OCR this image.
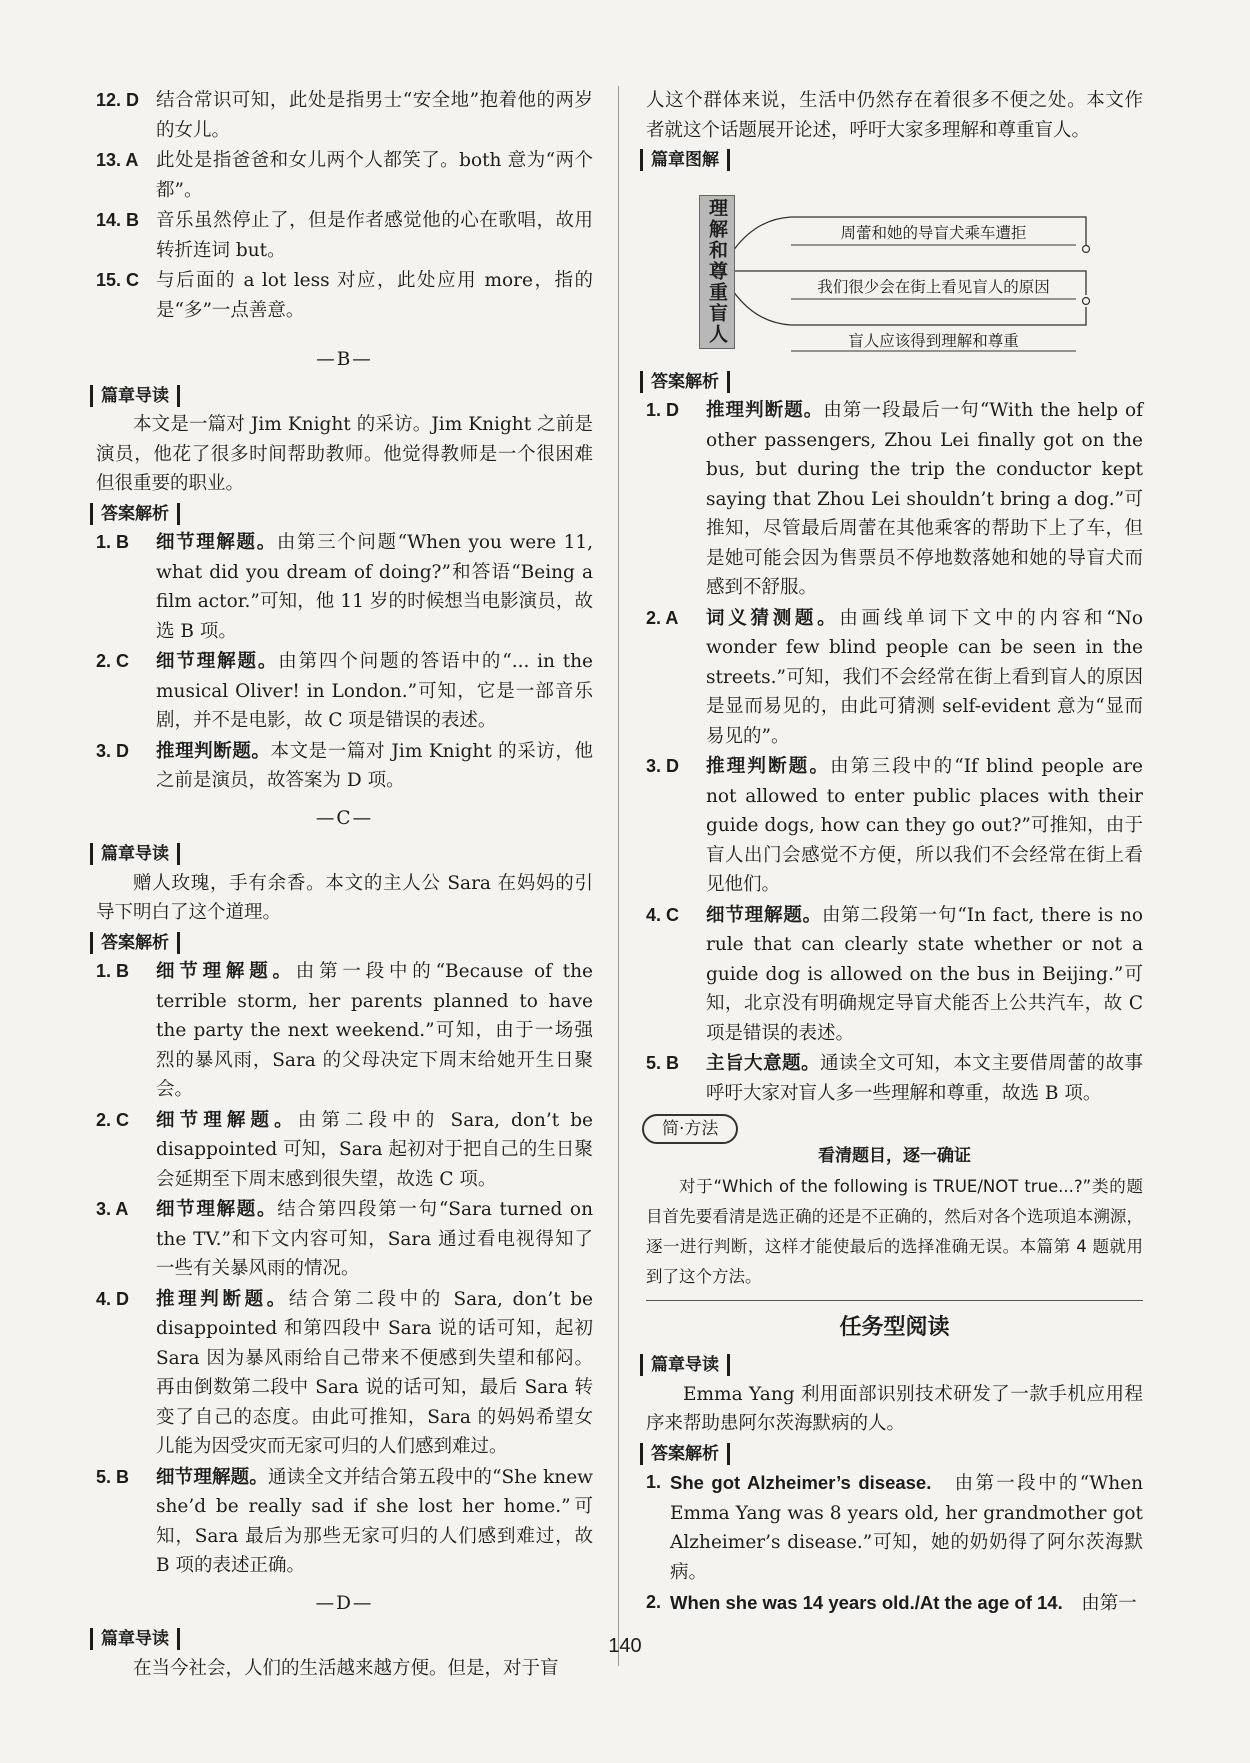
12. D 结合常识可知，此处是指男士“安全地”抱着他的两岁的女儿。
13. A 此处是指爸爸和女儿两个人都笑了。both 意为“两个都”。
14. B 音乐虽然停止了，但是作者感觉他的心在歌唱，故用转折连词 but。
15. C 与后面的 a lot less 对应，此处应用 more，指的是“多”一点善意。
—B—
篇章导读

本文是一篇对 Jim Knight 的采访。Jim Knight 之前是演员，他花了很多时间帮助教师。他觉得教师是一个很困难但很重要的职业。

答案解析
1. B	细节理解题。由第三个问题“When you were 11, what did you dream of doing?”和答语“Being a film actor.”可知，他 11 岁的时候想当电影演员，故选 B 项。
2. C	细节理解题。由第四个问题的答语中的“... in the musical Oliver! in London.”可知，它是一部音乐剧，并不是电影，故 C 项是错误的表述。
3. D	推理判断题。本文是一篇对 Jim Knight 的采访，他之前是演员，故答案为 D 项。
—C—
篇章导读

赠人玫瑰，手有余香。本文的主人公 Sara 在妈妈的引导下明白了这个道理。

答案解析
1. B	细节理解题。由第一段中的“Because of the terrible storm, her parents planned to have the party the next weekend.”可知，由于一场强烈的暴风雨，Sara 的父母决定下周末给她开生日聚会。
2. C	细节理解题。由第二段中的 Sara, don’t be disappointed 可知，Sara 起初对于把自己的生日聚会延期至下周末感到很失望，故选 C 项。
3. A	细节理解题。结合第四段第一句“Sara turned on the TV.”和下文内容可知，Sara 通过看电视得知了一些有关暴风雨的情况。
4. D	推理判断题。结合第二段中的 Sara, don’t be disappointed 和第四段中 Sara 说的话可知，起初 Sara 因为暴风雨给自己带来不便感到失望和郁闷。再由倒数第二段中 Sara 说的话可知，最后 Sara 转变了自己的态度。由此可推知，Sara 的妈妈希望女儿能为因受灾而无家可归的人们感到难过。
5. B	细节理解题。通读全文并结合第五段中的“She knew she’d be really sad if she lost her home.”可知，Sara 最后为那些无家可归的人们感到难过，故 B 项的表述正确。
—D—
篇章导读

在当今社会，人们的生活越来越方便。但是，对于盲

人这个群体来说，生活中仍然存在着很多不便之处。本文作者就这个话题展开论述，呼吁大家多理解和尊重盲人。

篇章图解
理解和尊重盲人	周蕾和她的导盲犬乘车遭拒
我们很少会在街上看见盲人的原因
盲人应该得到理解和尊重
答案解析
1. D	推理判断题。由第一段最后一句“With the help of other passengers, Zhou Lei finally got on the bus, but during the trip the conductor kept saying that Zhou Lei shouldn’t bring a dog.”可推知，尽管最后周蕾在其他乘客的帮助下上了车，但是她可能会因为售票员不停地数落她和她的导盲犬而感到不舒服。
2. A	词义猜测题。由画线单词下文中的内容和“No wonder few blind people can be seen in the streets.”可知，我们不会经常在街上看到盲人的原因是显而易见的，由此可猜测 self-evident 意为“显而易见的”。
3. D	推理判断题。由第三段中的“If blind people are not allowed to enter public places with their guide dogs, how can they go out?”可推知，由于盲人出门会感觉不方便，所以我们不会经常在街上看见他们。
4. C	细节理解题。由第二段第一句“In fact, there is no rule that can clearly state whether or not a guide dog is allowed on the bus in Beijing.”可知，北京没有明确规定导盲犬能否上公共汽车，故 C 项是错误的表述。
5. B	主旨大意题。通读全文可知，本文主要借周蕾的故事呼吁大家对盲人多一些理解和尊重，故选 B 项。
简·方法
看清题目，逐一确证
对于“Which of the following is TRUE/NOT true...?”类的题目首先要看清是选正确的还是不正确的，然后对各个选项追本溯源，逐一进行判断，这样才能使最后的选择准确无误。本篇第 4 题就用到了这个方法。
任务型阅读
篇章导读

Emma Yang 利用面部识别技术研发了一款手机应用程序来帮助患阿尔茨海默病的人。

答案解析
1. She got Alzheimer’s disease.　 由第一段中的“When Emma Yang was 8 years old, her grandmother got Alzheimer’s disease.”可知，她的奶奶得了阿尔茨海默病。
2. When she was 14 years old./At the age of 14.　 由第一
140
